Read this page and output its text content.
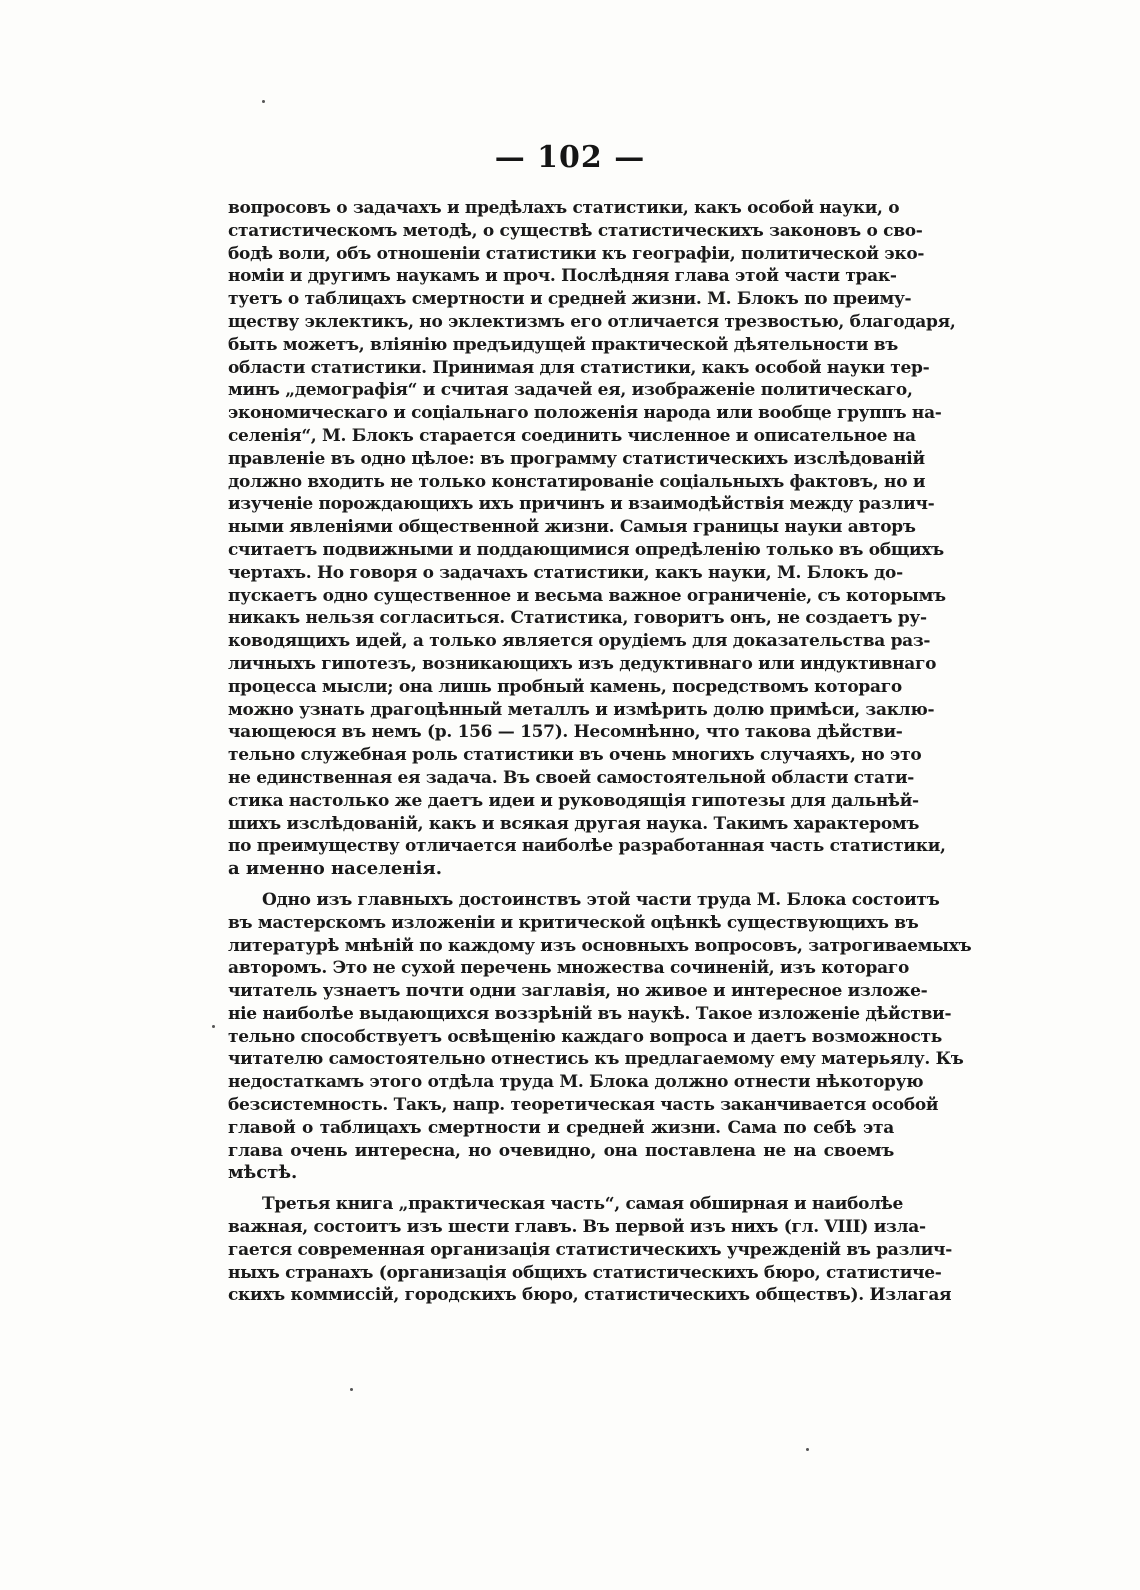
— 102 —
вопросовъ о задачахъ и предѣлахъ статистики, какъ особой науки, о
статистическомъ методѣ, о существѣ статистическихъ законовъ о сво-
бодѣ воли, объ отношеніи статистики къ географіи, политической эко-
номіи и другимъ наукамъ и проч. Послѣдняя глава этой части трак-
туетъ о таблицахъ смертности и средней жизни. М. Блокъ по преиму-
ществу эклектикъ, но эклектизмъ его отличается трезвостью, благодаря,
быть можетъ, вліянію предъидущей практической дѣятельности въ
области статистики. Принимая для статистики, какъ особой науки тер-
минъ „демографія“ и считая задачей ея, изображеніе политическаго,
экономическаго и соціальнаго положенія народа или вообще группъ на-
селенія“, М. Блокъ старается соединить численное и описательное на
правленіе въ одно цѣлое: въ программу статистическихъ изслѣдованій
должно входить не только констатированіе соціальныхъ фактовъ, но и
изученіе порождающихъ ихъ причинъ и взаимодѣйствія между различ-
ными явленіями общественной жизни. Самыя границы науки авторъ
считаетъ подвижными и поддающимися опредѣленію только въ общихъ
чертахъ. Но говоря о задачахъ статистики, какъ науки, М. Блокъ до-
пускаетъ одно существенное и весьма важное ограниченіе, съ которымъ
никакъ нельзя согласиться. Статистика, говоритъ онъ, не создаетъ ру-
ководящихъ идей, а только является орудіемъ для доказательства раз-
личныхъ гипотезъ, возникающихъ изъ дедуктивнаго или индуктивнаго
процесса мысли; она лишь пробный камень, посредствомъ котораго
можно узнать драгоцѣнный металлъ и измѣрить долю примѣси, заклю-
чающеюся въ немъ (p. 156 — 157). Несомнѣнно, что такова дѣйстви-
тельно служебная роль статистики въ очень многихъ случаяхъ, но это
не единственная ея задача. Въ своей самостоятельной области стати-
стика настолько же даетъ идеи и руководящія гипотезы для дальнѣй-
шихъ изслѣдованій, какъ и всякая другая наука. Такимъ характеромъ
по преимуществу отличается наиболѣе разработанная часть статистики,
а именно населенія.
Одно изъ главныхъ достоинствъ этой части труда М. Блока состоитъ
въ мастерскомъ изложеніи и критической оцѣнкѣ существующихъ въ
литературѣ мнѣній по каждому изъ основныхъ вопросовъ, затрогиваемыхъ
авторомъ. Это не сухой перечень множества сочиненій, изъ котораго
читатель узнаетъ почти одни заглавія, но живое и интересное изложе-
ніе наиболѣе выдающихся воззрѣній въ наукѣ. Такое изложеніе дѣйстви-
тельно способствуетъ освѣщенію каждаго вопроса и даетъ возможность
читателю самостоятельно отнестись къ предлагаемому ему матерьялу. Къ
недостаткамъ этого отдѣла труда М. Блока должно отнести нѣкоторую
безсистемность. Такъ, напр. теоретическая часть заканчивается особой
главой о таблицахъ смертности и средней жизни. Сама по себѣ эта
глава очень интересна, но очевидно, она поставлена не на своемъ
мѣстѣ.
Третья книга „практическая часть“, самая обширная и наиболѣе
важная, состоитъ изъ шести главъ. Въ первой изъ нихъ (гл. VIII) изла-
гается современная организація статистическихъ учрежденій въ различ-
ныхъ странахъ (организація общихъ статистическихъ бюро, статистиче-
скихъ коммиссій, городскихъ бюро, статистическихъ обществъ). Излагая
